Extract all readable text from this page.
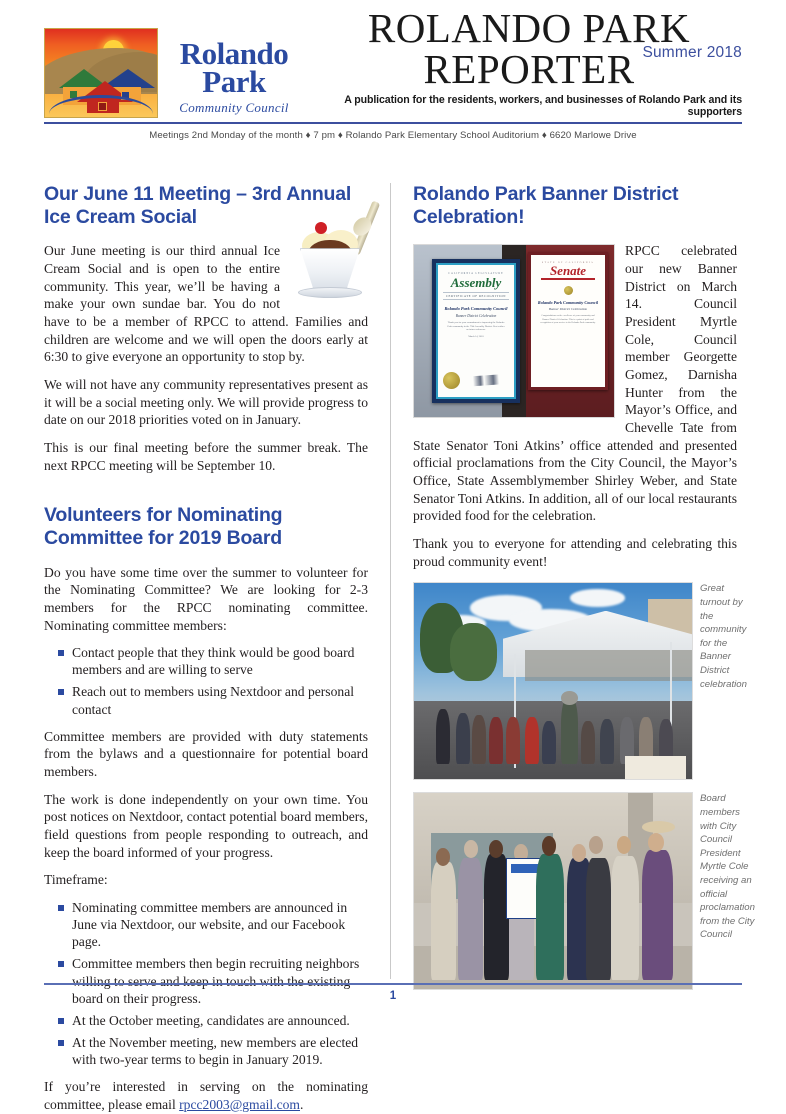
Summer 2018
Rolando
Park
Community Council
ROLANDO PARK REPORTER
A publication for the residents, workers, and businesses of Rolando Park and its supporters
Meetings 2nd Monday of the month ♦ 7 pm ♦ Rolando Park Elementary School Auditorium ♦ 6620 Marlowe Drive
Our June 11 Meeting – 3rd Annual Ice Cream Social

Our June meeting is our third annual Ice Cream Social and is open to the entire community. This year, we’ll be having a make your own sundae bar. You do not have to be a member of RPCC to attend. Families and children are welcome and we will open the doors early at 6:30 to give everyone an opportunity to stop by.

We will not have any community representatives present as it will be a social meeting only. We will provide progress to date on our 2018 priorities voted on in January.

This is our final meeting before the summer break. The next RPCC meeting will be September 10.

Volunteers for Nominating Committee for 2019 Board

Do you have some time over the summer to volunteer for the Nominating Committee? We are looking for 2-3 members for the RPCC nominating committee. Nominating committee members:

Contact people that they think would be good board members and are willing to serve
Reach out to members using Nextdoor and personal contact

Committee members are provided with duty statements from the bylaws and a questionnaire for potential board members.

The work is done independently on your own time. You post notices on Nextdoor, contact potential board members, field questions from people responding to outreach, and keep the board informed of your progress.

Timeframe:

Nominating committee members are announced in June via Nextdoor, our website, and our Facebook page.
Committee members then begin recruiting neighbors willing to serve and keep in touch with the existing board on their progress.
At the October meeting, candidates are announced.
At the November meeting, new members are elected with two-year terms to begin in January 2019.

If you’re interested in serving on the nominating committee, please email rpcc2003@gmail.com.

Rolando Park Banner District Celebration!
CALIFORNIA LEGISLATURE
Assembly
CERTIFICATE OF RECOGNITION
Rolando Park Community Council
Banner District Celebration
Thank you for your commitment to improving the Rolando Park community in the 79th Assembly District. Best wishes on future endeavors.
March 14, 2018
STATE OF CALIFORNIA
Senate
Rolando Park Community Council
Banner District Celebration
Congratulations on the excellence of your community and Banner District Celebration. This is a point of pride and recognition of your service to the Rolando Park community.

RPCC celebrated our new Banner District on March 14. Council President Myrtle Cole, Council member Georgette Gomez, Darnisha Hunter from the Mayor’s Office, and Chevelle Tate from State Senator Toni Atkins’ office attended and presented official proclamations from the City Council, the Mayor’s Office, State Assemblymember Shirley Weber, and State Senator Toni Atkins. In addition, all of our local restaurants provided food for the celebration.

Thank you to everyone for attending and celebrating this proud community event!

Great turnout by the community for the Banner District celebration
Board members with City Council President Myrtle Cole receiving an official proclamation from the City Council
1
